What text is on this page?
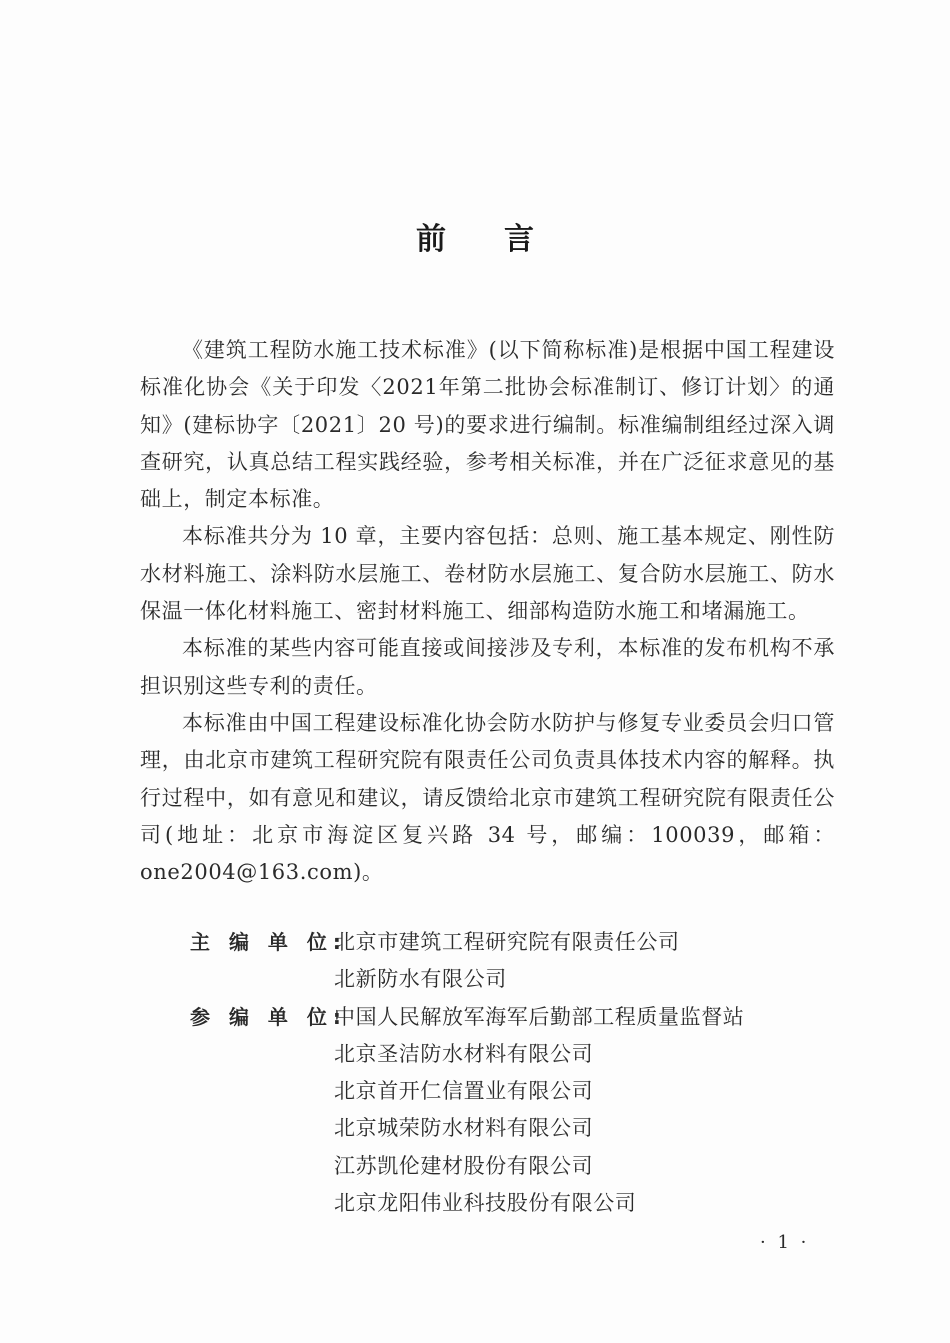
前 言

《建筑工程防水施工技术标准》(以下简称标准)是根据中国工程建设标准化协会《关于印发〈2021年第二批协会标准制订、修订计划〉的通知》(建标协字〔2021〕20 号)的要求进行编制。标准编制组经过深入调查研究，认真总结工程实践经验，参考相关标准，并在广泛征求意见的基础上，制定本标准。

本标准共分为 10 章，主要内容包括：总则、施工基本规定、刚性防水材料施工、涂料防水层施工、卷材防水层施工、复合防水层施工、防水保温一体化材料施工、密封材料施工、细部构造防水施工和堵漏施工。

本标准的某些内容可能直接或间接涉及专利，本标准的发布机构不承担识别这些专利的责任。

本标准由中国工程建设标准化协会防水防护与修复专业委员会归口管理，由北京市建筑工程研究院有限责任公司负责具体技术内容的解释。执行过程中，如有意见和建议，请反馈给北京市建筑工程研究院有限责任公司(地址：北京市海淀区复兴路 34 号，邮编：100039，邮箱：one2004@163.com)。

主 编 单 位:
北京市建筑工程研究院有限责任公司
北新防水有限公司
参 编 单 位:
中国人民解放军海军后勤部工程质量监督站
北京圣洁防水材料有限公司
北京首开仁信置业有限公司
北京城荣防水材料有限公司
江苏凯伦建材股份有限公司
北京龙阳伟业科技股份有限公司
· 1 ·
